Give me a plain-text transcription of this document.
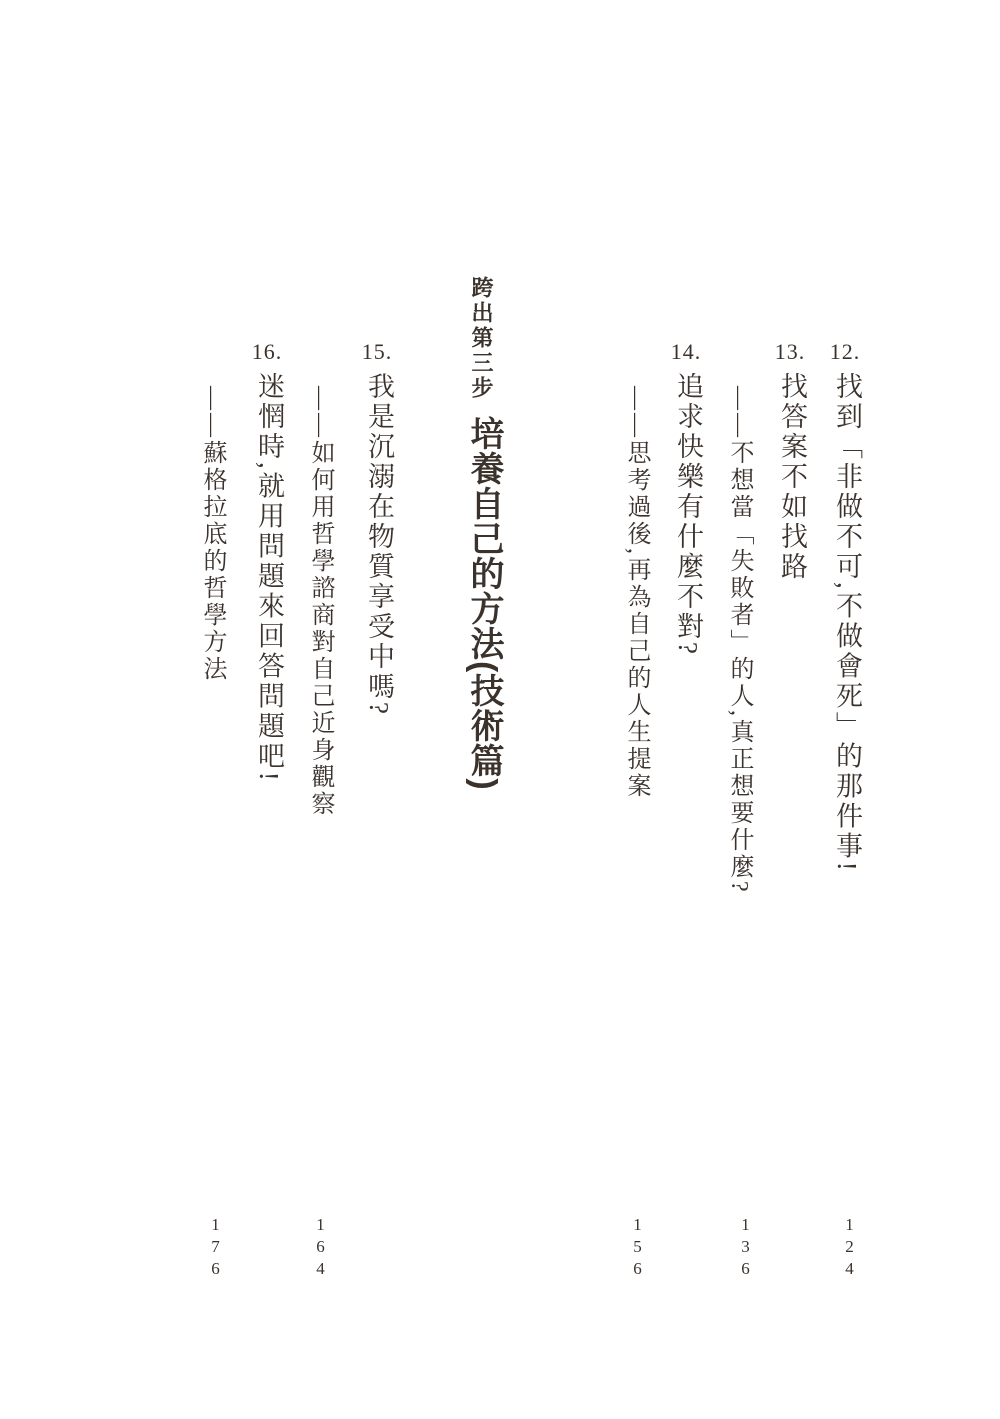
12.
找到「非做不可,不做會死」的那件事!
124
13.
找答案不如找路
——不想當「失敗者」的人,真正想要什麼?
136
14.
追求快樂有什麼不對?
——思考過後,再為自己的人生提案
156
跨出第三步
培養自己的方法(技術篇)
15.
我是沉溺在物質享受中嗎?
——如何用哲學諮商對自己近身觀察
164
16.
迷惘時,就用問題來回答問題吧!
——蘇格拉底的哲學方法
176
